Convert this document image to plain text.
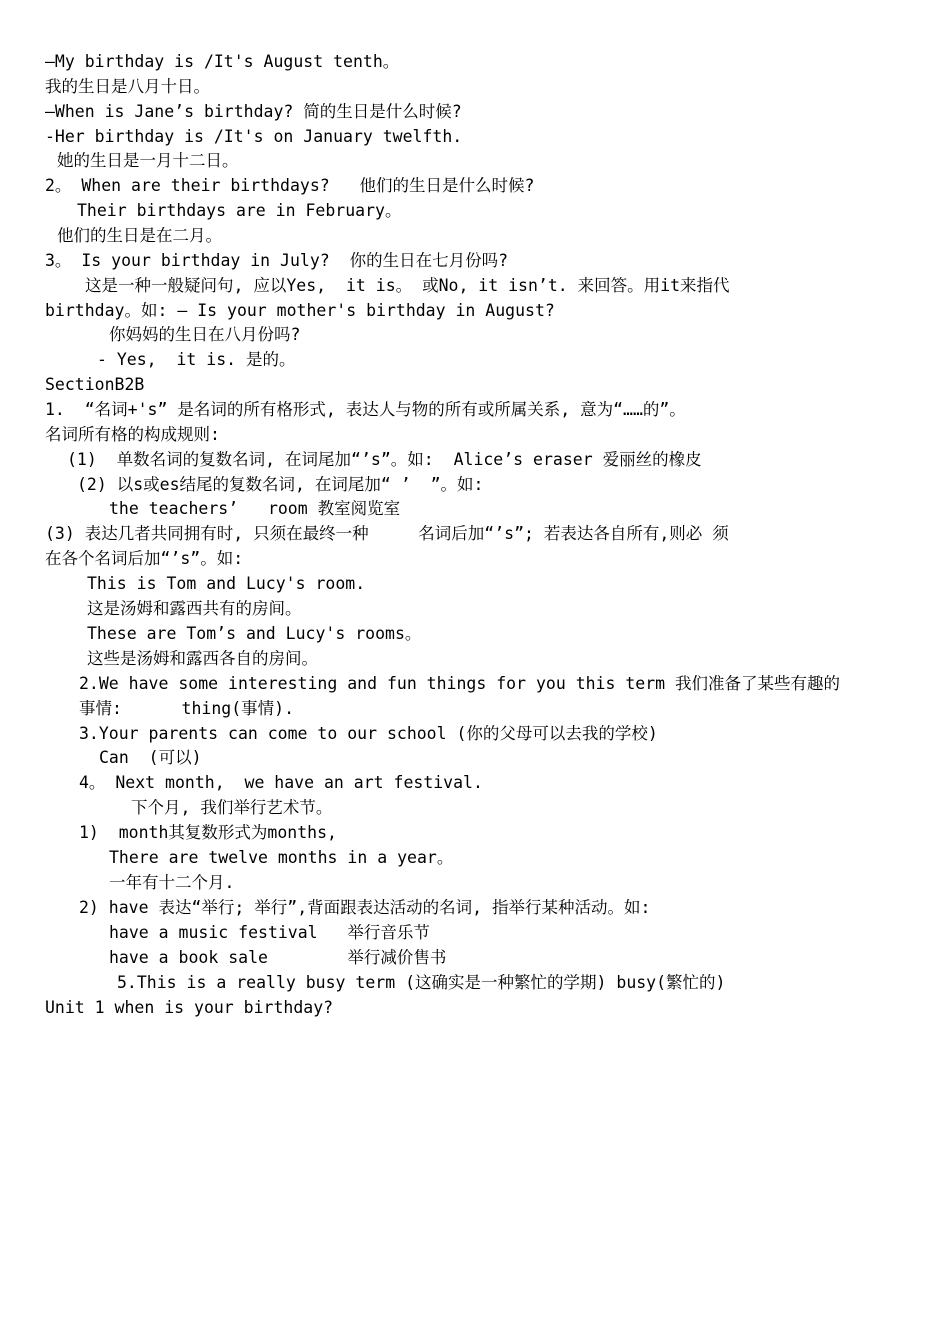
—My birthday is /It's August tenth。
我的生日是八月十日。
—When is Jane’s birthday? 简的生日是什么时候?
-Her birthday is /It's on January twelfth.
她的生日是一月十二日。
2。 When are their birthdays?   他们的生日是什么时候?
Their birthdays are in February。
他们的生日是在二月。
3。 Is your birthday in July?  你的生日在七月份吗?
这是一种一般疑问句, 应以Yes,  it is。 或No, it isn’t. 来回答。用it来指代
birthday。如: — Is your mother's birthday in August?
你妈妈的生日在八月份吗?
- Yes,  it is. 是的。
SectionB2B
1.  “名词+'s” 是名词的所有格形式, 表达人与物的所有或所属关系, 意为“……的”。
名词所有格的构成规则:
(1)  单数名词的复数名词, 在词尾加“’s”。如:  Alice’s eraser 爱丽丝的橡皮
(2) 以s或es结尾的复数名词, 在词尾加“ ’  ”。如:
the teachers’   room 教室阅览室
(3) 表达几者共同拥有时, 只须在最终一种     名词后加“’s”; 若表达各自所有,则必 须
在各个名词后加“’s”。如:
This is Tom and Lucy's room.
这是汤姆和露西共有的房间。
These are Tom’s and Lucy's rooms。
这些是汤姆和露西各自的房间。
2.We have some interesting and fun things for you this term 我们准备了某些有趣的
事情:      thing(事情).
3.Your parents can come to our school (你的父母可以去我的学校)
Can  (可以)
4。 Next month,  we have an art festival.
下个月, 我们举行艺术节。
1)  month其复数形式为months,
There are twelve months in a year。
一年有十二个月.
2) have 表达“举行; 举行”,背面跟表达活动的名词, 指举行某种活动。如:
have a music festival   举行音乐节
have a book sale        举行减价售书
5.This is a really busy term (这确实是一种繁忙的学期) busy(繁忙的)
Unit 1 when is your birthday?
